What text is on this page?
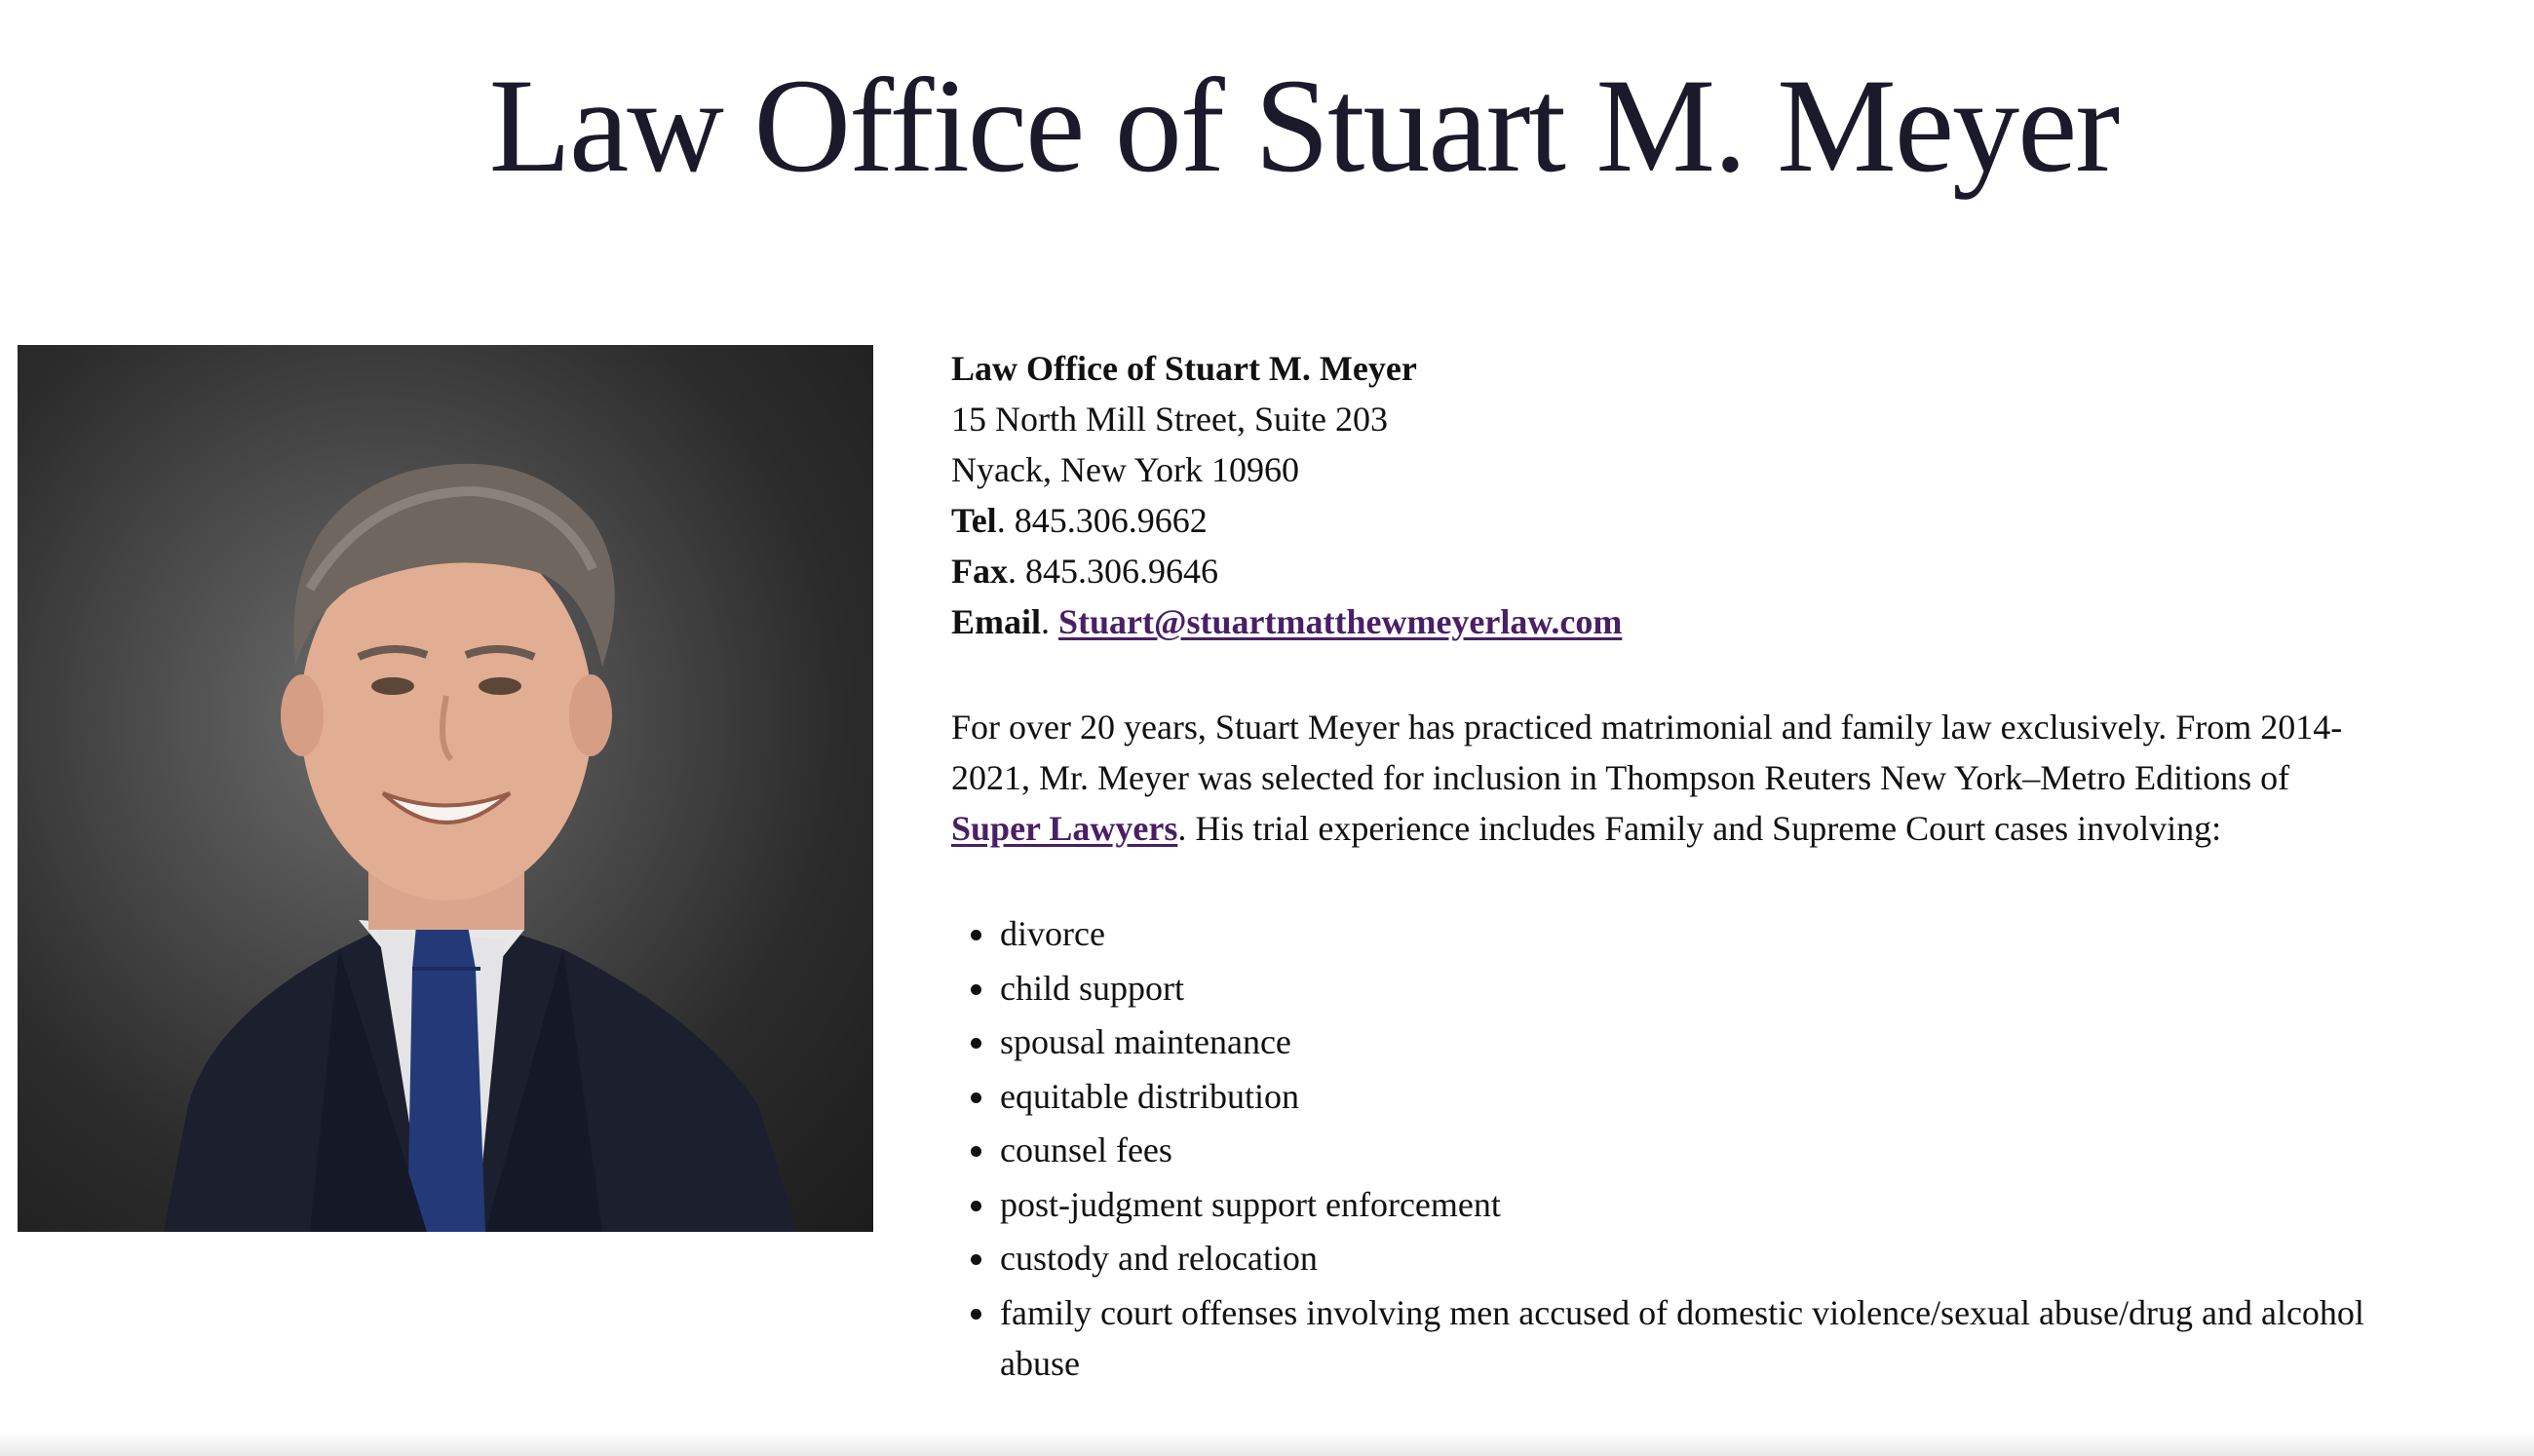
Law Office of Stuart M. Meyer
Law Office of Stuart M. Meyer
15 North Mill Street, Suite 203
Nyack, New York 10960
Tel. 845.306.9662
Fax. 845.306.9646
Email. Stuart@stuartmatthewmeyerlaw.com

For over 20 years, Stuart Meyer has practiced matrimonial and family law exclusively. From 2014-2021, Mr. Meyer was selected for inclusion in Thompson Reuters New York–Metro Editions of Super Lawyers. His trial experience includes Family and Supreme Court cases involving:

• divorce
• child support
• spousal maintenance
• equitable distribution
• counsel fees
• post-judgment support enforcement
• custody and relocation
• family court offenses involving men accused of domestic violence/sexual abuse/drug and alcohol abuse
